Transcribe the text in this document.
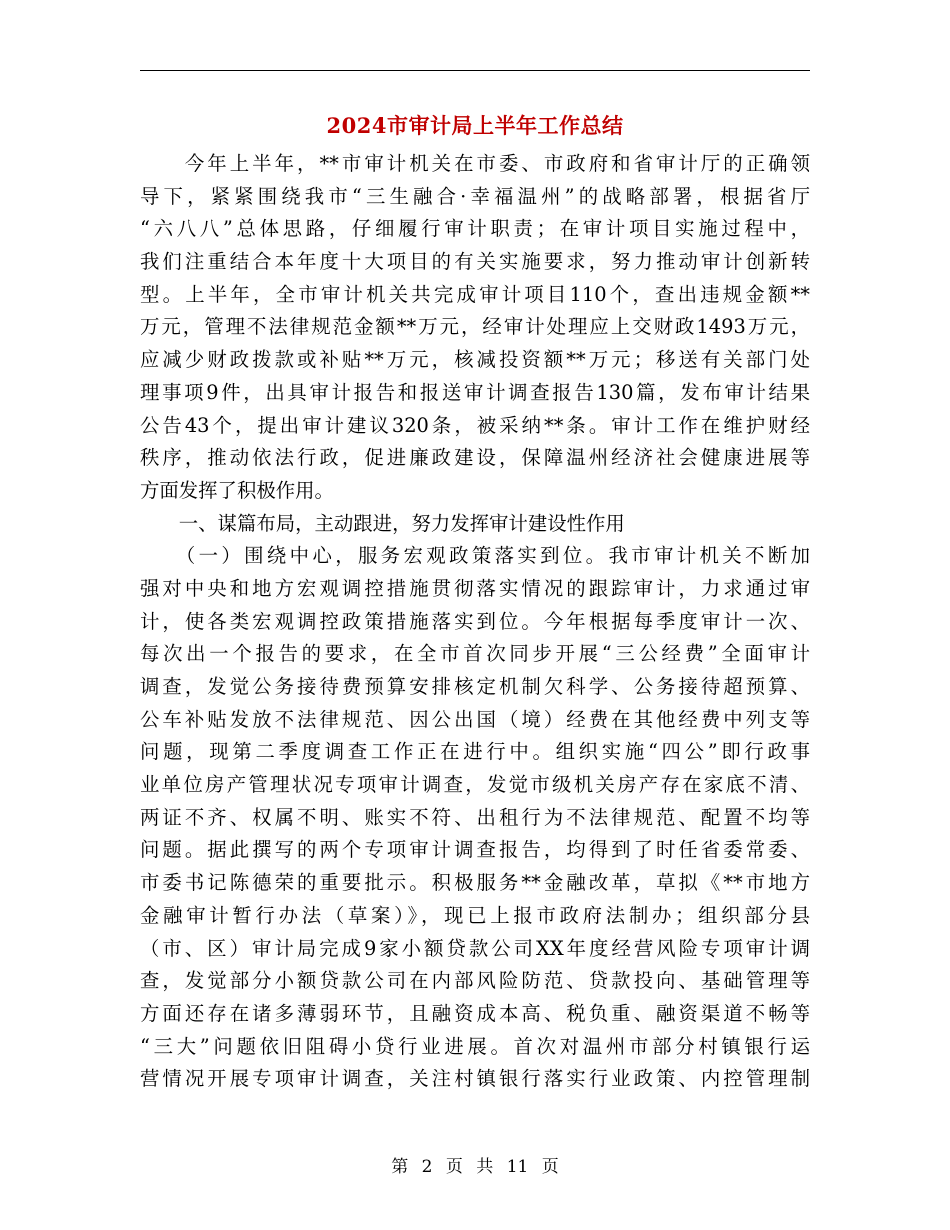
2024市审计局上半年工作总结
　　今年上半年，**市审计机关在市委、市政府和省审计厅的正确领
导下，紧紧围绕我市“三生融合·幸福温州”的战略部署，根据省厅
“六八八”总体思路，仔细履行审计职责；在审计项目实施过程中，
我们注重结合本年度十大项目的有关实施要求，努力推动审计创新转
型。上半年，全市审计机关共完成审计项目110个，查出违规金额**
万元，管理不法律规范金额**万元，经审计处理应上交财政1493万元，
应减少财政拨款或补贴**万元，核减投资额**万元；移送有关部门处
理事项9件，出具审计报告和报送审计调查报告130篇，发布审计结果
公告43个，提出审计建议320条，被采纳**条。审计工作在维护财经
秩序，推动依法行政，促进廉政建设，保障温州经济社会健康进展等
方面发挥了积极作用。
　　一、谋篇布局，主动跟进，努力发挥审计建设性作用
　　（一）围绕中心，服务宏观政策落实到位。我市审计机关不断加
强对中央和地方宏观调控措施贯彻落实情况的跟踪审计，力求通过审
计，使各类宏观调控政策措施落实到位。今年根据每季度审计一次、
每次出一个报告的要求，在全市首次同步开展“三公经费”全面审计
调查，发觉公务接待费预算安排核定机制欠科学、公务接待超预算、
公车补贴发放不法律规范、因公出国（境）经费在其他经费中列支等
问题，现第二季度调查工作正在进行中。组织实施“四公”即行政事
业单位房产管理状况专项审计调查，发觉市级机关房产存在家底不清、
两证不齐、权属不明、账实不符、出租行为不法律规范、配置不均等
问题。据此撰写的两个专项审计调查报告，均得到了时任省委常委、
市委书记陈德荣的重要批示。积极服务**金融改革，草拟《**市地方
金融审计暂行办法（草案）》，现已上报市政府法制办；组织部分县
（市、区）审计局完成9家小额贷款公司XX年度经营风险专项审计调
查，发觉部分小额贷款公司在内部风险防范、贷款投向、基础管理等
方面还存在诸多薄弱环节，且融资成本高、税负重、融资渠道不畅等
“三大”问题依旧阻碍小贷行业进展。首次对温州市部分村镇银行运
营情况开展专项审计调查，关注村镇银行落实行业政策、内控管理制
第 2 页 共 11 页
